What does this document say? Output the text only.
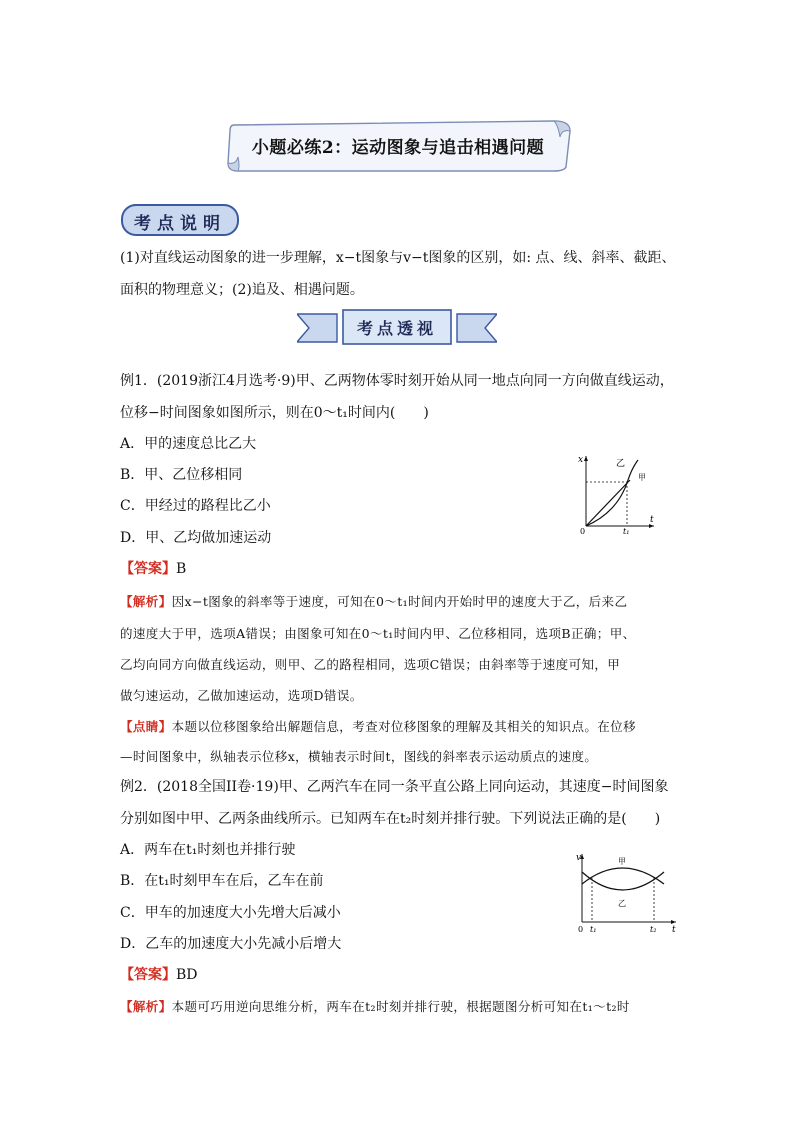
小题必练2：运动图象与追击相遇问题
考点说明
(1)对直线运动图象的进一步理解，x−t图象与v−t图象的区别，如: 点、线、斜率、截距、
面积的物理意义；(2)追及、相遇问题。
考点透视
例1．(2019浙江4月选考·9)甲、乙两物体零时刻开始从同一地点向同一方向做直线运动，
位移−时间图象如图所示，则在0～t₁时间内(　　)
A．甲的速度总比乙大
B．甲、乙位移相同
C．甲经过的路程比乙小
D．甲、乙均做加速运动
【答案】B
【解析】因x−t图象的斜率等于速度，可知在0～t₁时间内开始时甲的速度大于乙，后来乙
的速度大于甲，选项A错误；由图象可知在0～t₁时间内甲、乙位移相同，选项B正确；甲、
乙均向同方向做直线运动，则甲、乙的路程相同，选项C错误；由斜率等于速度可知，甲
做匀速运动，乙做加速运动，选项D错误。
【点睛】本题以位移图象给出解题信息，考查对位移图象的理解及其相关的知识点。在位移
—时间图象中，纵轴表示位移x，横轴表示时间t，图线的斜率表示运动质点的速度。
x
t
0	t₁
乙
甲
例2．(2018全国II卷·19)甲、乙两汽车在同一条平直公路上同向运动，其速度−时间图象
分别如图中甲、乙两条曲线所示。已知两车在t₂时刻并排行驶。下列说法正确的是(　　)
A．两车在t₁时刻也并排行驶
B．在t₁时刻甲车在后，乙车在前
C．甲车的加速度大小先增大后减小
D．乙车的加速度大小先减小后增大
【答案】BD
【解析】本题可巧用逆向思维分析，两车在t₂时刻并排行驶，根据题图分析可知在t₁～t₂时
v
t
0 t₁	t₂
甲
乙
